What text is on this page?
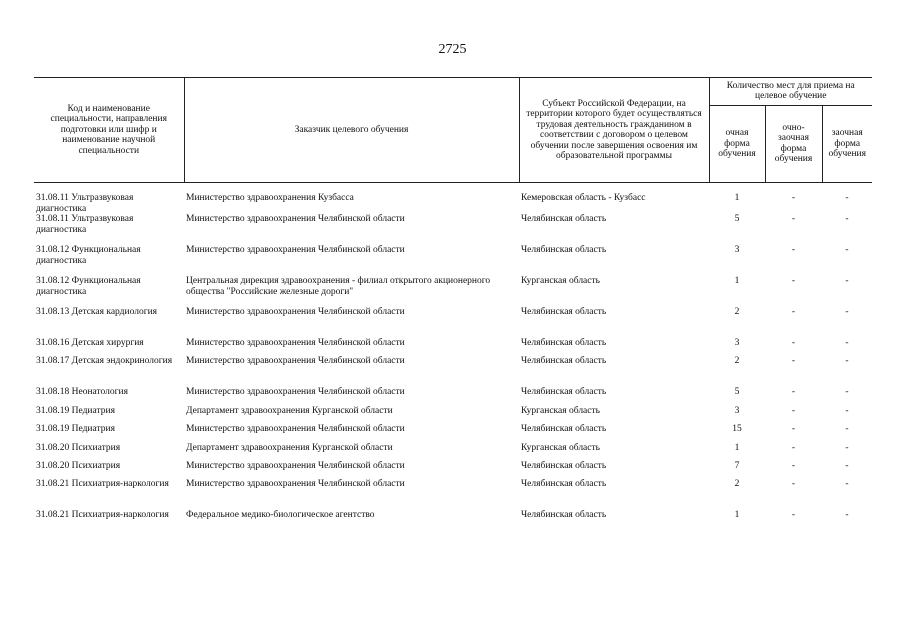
2725
Код и наименование специальности, направления подготовки или шифр и наименование научной специальности	Заказчик целевого обучения	Субъект Российской Федерации, на территории которого будет осуществляться трудовая деятельность гражданином в соответствии с договором о целевом обучении после завершения освоения им образовательной программы	Количество мест для приема на целевое обучение		
			очная форма обучения	очно-заочная форма обучения	заочная форма обучения
31.08.11 Ультразвуковая диагностика	Министерство здравоохранения Кузбасса	Кемеровская область - Кузбасс	1	-	-
31.08.11 Ультразвуковая диагностика	Министерство здравоохранения Челябинской области	Челябинская область	5	-	-
31.08.12 Функциональная диагностика	Министерство здравоохранения Челябинской области	Челябинская область	3	-	-
31.08.12 Функциональная диагностика	Центральная дирекция здравоохранения - филиал открытого акционерного общества "Российские железные дороги"	Курганская область	1	-	-
31.08.13 Детская кардиология	Министерство здравоохранения Челябинской области	Челябинская область	2	-	-
31.08.16 Детская хирургия	Министерство здравоохранения Челябинской области	Челябинская область	3	-	-
31.08.17 Детская эндокринология	Министерство здравоохранения Челябинской области	Челябинская область	2	-	-
31.08.18 Неонатология	Министерство здравоохранения Челябинской области	Челябинская область	5	-	-
31.08.19 Педиатрия	Департамент здравоохранения Курганской области	Курганская область	3	-	-
31.08.19 Педиатрия	Министерство здравоохранения Челябинской области	Челябинская область	15	-	-
31.08.20 Психиатрия	Департамент здравоохранения Курганской области	Курганская область	1	-	-
31.08.20 Психиатрия	Министерство здравоохранения Челябинской области	Челябинская область	7	-	-
31.08.21 Психиатрия-наркология	Министерство здравоохранения Челябинской области	Челябинская область	2	-	-
31.08.21 Психиатрия-наркология	Федеральное медико-биологическое агентство	Челябинская область	1	-	-
